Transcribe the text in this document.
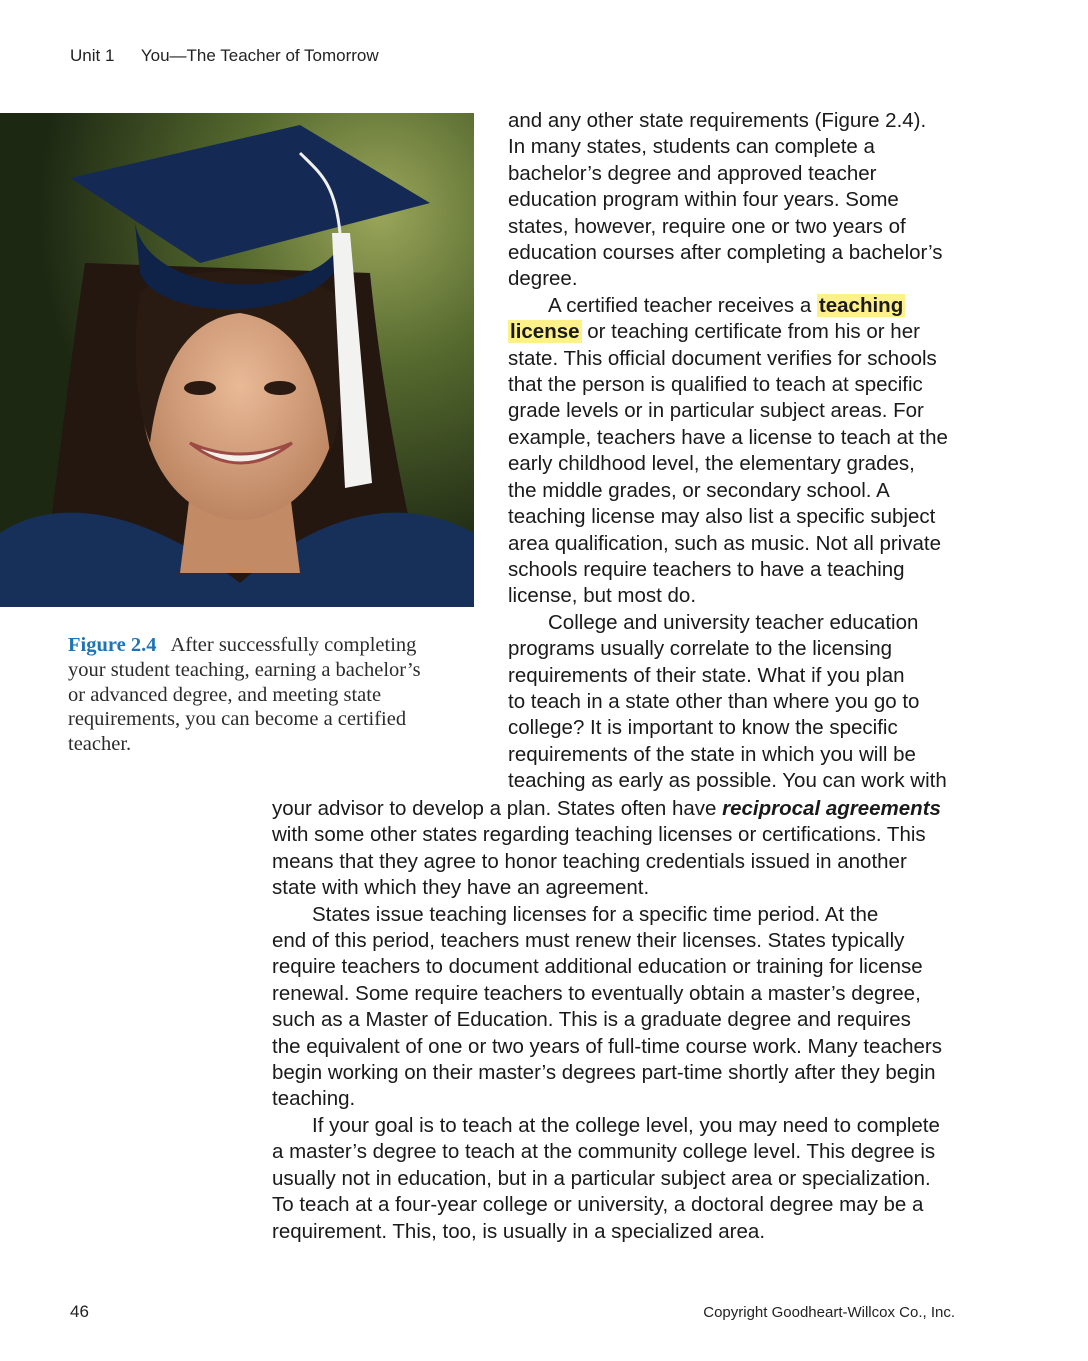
Unit 1 You—The Teacher of Tomorrow
Figure 2.4 After successfully completing
your student teaching, earning a bachelor’s
or advanced degree, and meeting state
requirements, you can become a certified
teacher.
and any other state requirements (Figure 2.4).
In many states, students can complete a
bachelor’s degree and approved teacher
education program within four years. Some
states, however, require one or two years of
education courses after completing a bachelor’s
degree.
A certified teacher receives a teaching
license or teaching certificate from his or her
state. This official document verifies for schools
that the person is qualified to teach at specific
grade levels or in particular subject areas. For
example, teachers have a license to teach at the
early childhood level, the elementary grades,
the middle grades, or secondary school. A
teaching license may also list a specific subject
area qualification, such as music. Not all private
schools require teachers to have a teaching
license, but most do.
College and university teacher education
programs usually correlate to the licensing
requirements of their state. What if you plan
to teach in a state other than where you go to
college? It is important to know the specific
requirements of the state in which you will be
teaching as early as possible. You can work with
your advisor to develop a plan. States often have reciprocal agreements
with some other states regarding teaching licenses or certifications. This
means that they agree to honor teaching credentials issued in another
state with which they have an agreement.
States issue teaching licenses for a specific time period. At the
end of this period, teachers must renew their licenses. States typically
require teachers to document additional education or training for license
renewal. Some require teachers to eventually obtain a master’s degree,
such as a Master of Education. This is a graduate degree and requires
the equivalent of one or two years of full-time course work. Many teachers
begin working on their master’s degrees part-time shortly after they begin
teaching.
If your goal is to teach at the college level, you may need to complete
a master’s degree to teach at the community college level. This degree is
usually not in education, but in a particular subject area or specialization.
To teach at a four-year college or university, a doctoral degree may be a
requirement. This, too, is usually in a specialized area.
46	Copyright Goodheart-Willcox Co., Inc.
